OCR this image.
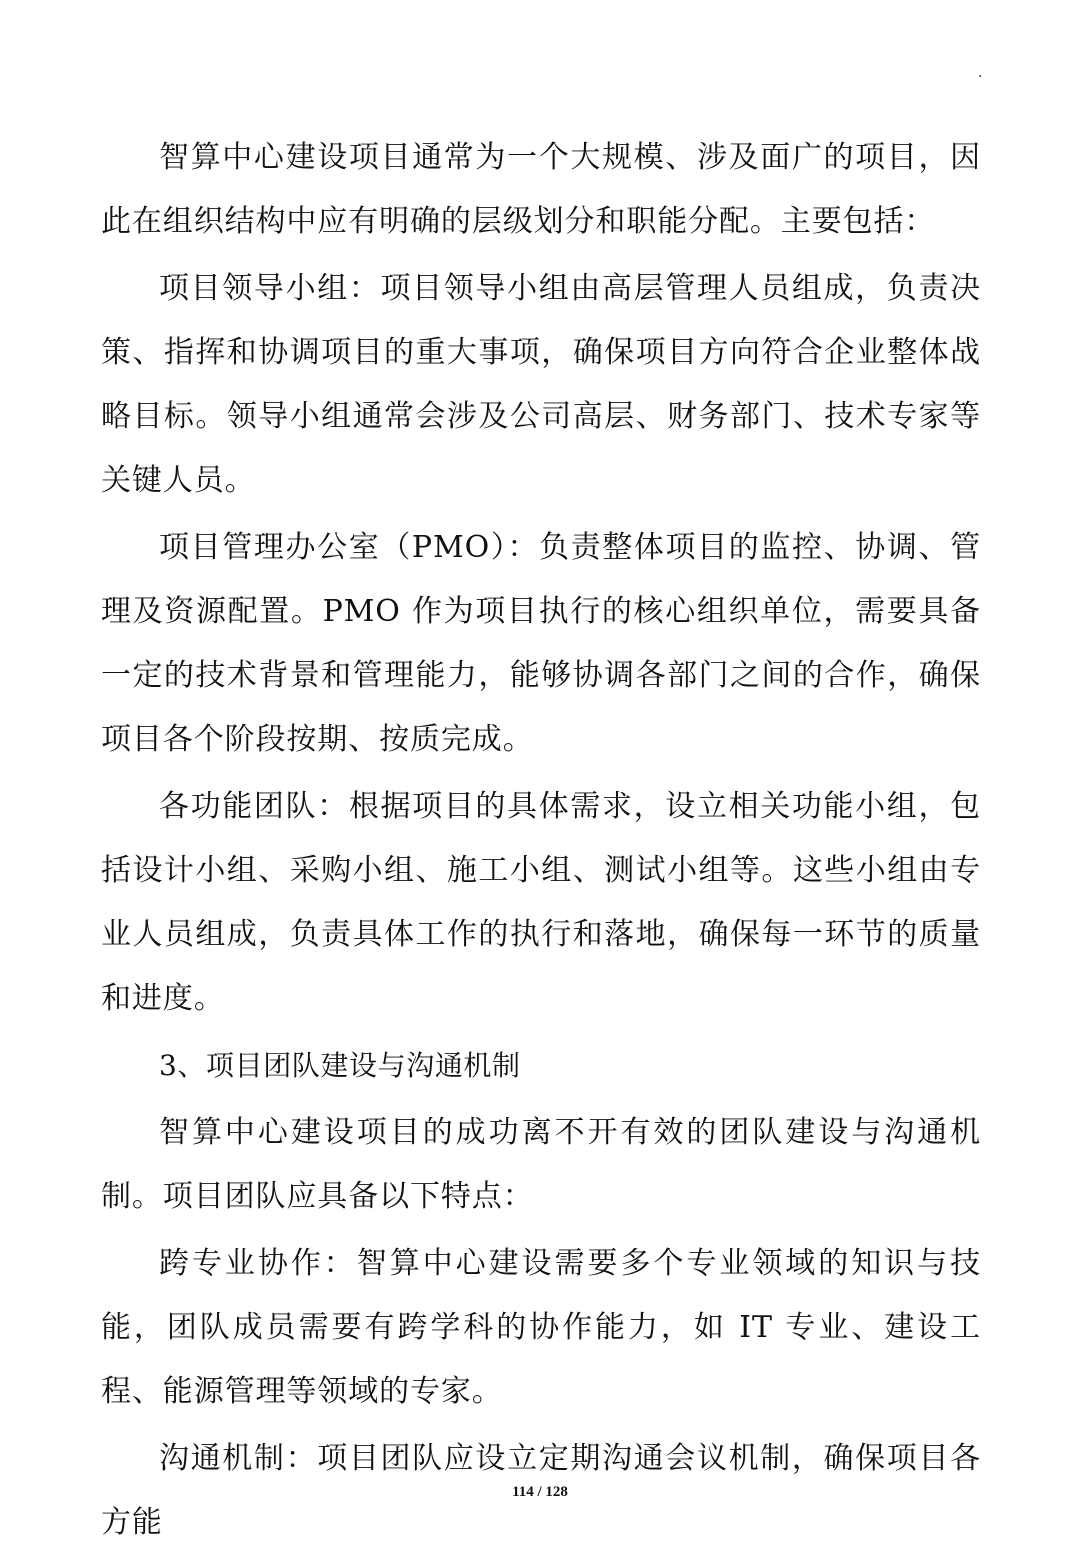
·

智算中心建设项目通常为一个大规模、涉及面广的项目，因此在组织结构中应有明确的层级划分和职能分配。主要包括：

项目领导小组：项目领导小组由高层管理人员组成，负责决策、指挥和协调项目的重大事项，确保项目方向符合企业整体战略目标。领导小组通常会涉及公司高层、财务部门、技术专家等关键人员。

项目管理办公室（PMO）：负责整体项目的监控、协调、管理及资源配置。PMO 作为项目执行的核心组织单位，需要具备一定的技术背景和管理能力，能够协调各部门之间的合作，确保项目各个阶段按期、按质完成。

各功能团队：根据项目的具体需求，设立相关功能小组，包括设计小组、采购小组、施工小组、测试小组等。这些小组由专业人员组成，负责具体工作的执行和落地，确保每一环节的质量和进度。

3、项目团队建设与沟通机制

智算中心建设项目的成功离不开有效的团队建设与沟通机制。项目团队应具备以下特点：

跨专业协作：智算中心建设需要多个专业领域的知识与技能，团队成员需要有跨学科的协作能力，如 IT 专业、建设工程、能源管理等领域的专家。

沟通机制：项目团队应设立定期沟通会议机制，确保项目各方能

114 / 128
